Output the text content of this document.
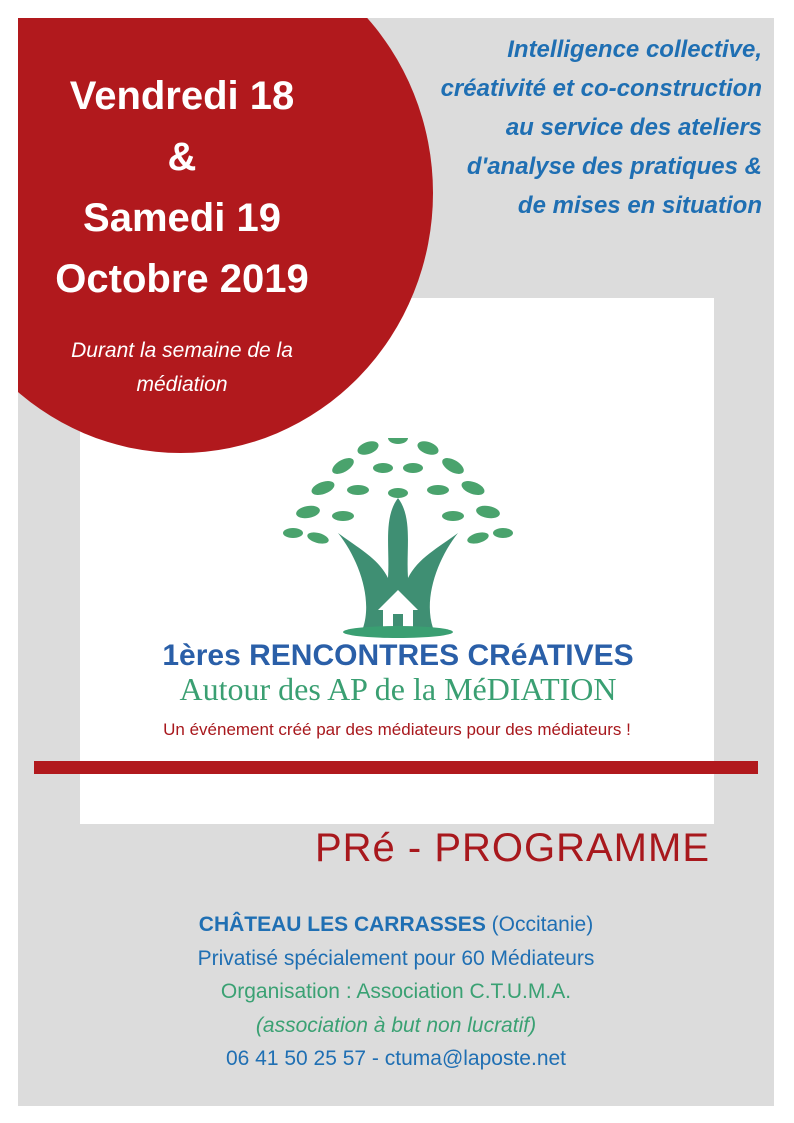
Vendredi 18
&
Samedi 19
Octobre 2019
Durant la semaine de la
médiation
Intelligence collective,
créativité et co-construction
au service des ateliers
d'analyse des pratiques &
de mises en situation
1ères RENCONTRES CRéATIVES
Autour des AP de la MéDIATION
Un événement créé par des médiateurs pour des médiateurs !
PRé - PROGRAMME
CHÂTEAU LES CARRASSES (Occitanie)
Privatisé spécialement pour 60 Médiateurs
Organisation : Association C.T.U.M.A.
(association à but non lucratif)
06 41 50 25 57 - ctuma@laposte.net
